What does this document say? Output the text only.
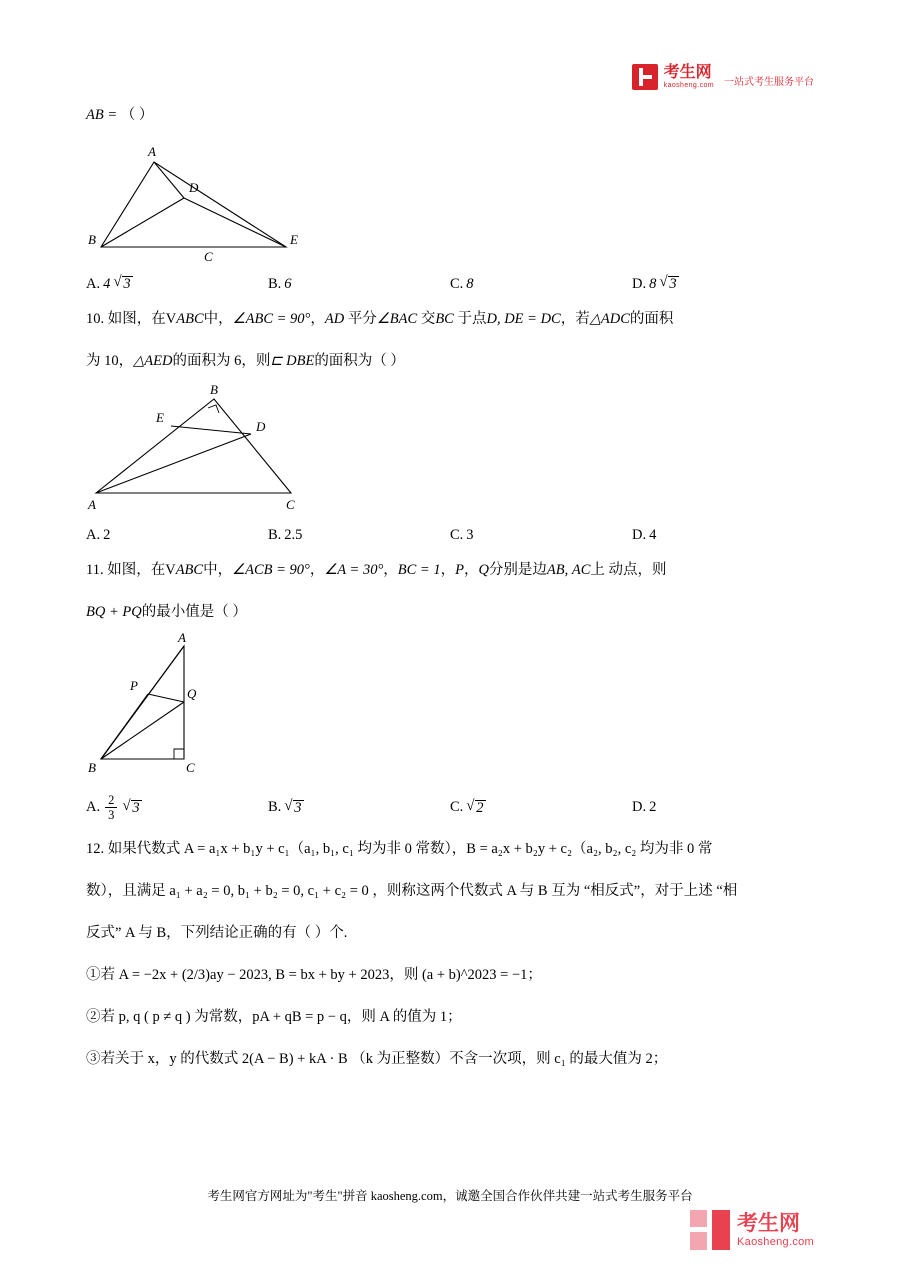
考生网
kaosheng.com 一站式考生服务平台

AB = （ ）

A
D
B
C
E
A. 4 √ 3	B. 6	C. 8	D. 8 √ 3

10. 如图，在VABC中，∠ABC = 90°，AD 平分∠BAC 交BC 于点D, DE = DC，若△ADC的面积

为 10，△AED的面积为 6，则⊏ DBE的面积为（ ）

B
E
D
A	C
A. 2	B. 2.5	C. 3	D. 4

11. 如图，在VABC中，∠ACB = 90°，∠A = 30°，BC = 1，P，Q分别是边AB, AC上 动点，则

BQ + PQ的最小值是（ ）

A
P
Q
B	C
A. $\frac{2}{3}$	√ 3	B. √ 3	C. √ 2	D. 2

12. 如果代数式 A = a₁x + b₁y + c₁（a₁, b₁, c₁ 均为非 0 常数），B = a₂x + b₂y + c₂（a₂, b₂, c₂ 均为非 0 常

数），且满足 a₁ + a₂ = 0, b₁ + b₂ = 0, c₁ + c₂ = 0 ，则称这两个代数式 A 与 B 互为 “相反式”，对于上述 “相

反式” A 与 B，下列结论正确的有（ ）个.

①若 A = −2x + (2/3)ay − 2023, B = bx + by + 2023，则 (a + b)^2023 = −1；

②若 p, q ( p ≠ q ) 为常数，pA + qB = p − q，则 A 的值为 1；

③若关于 x，y 的代数式 2(A − B) + kA · B （k 为正整数）不含一次项，则 c₁ 的最大值为 2；

考生网官方网址为"考生"拼音 kaosheng.com，诚邀全国合作伙伴共建一站式考生服务平台
考生网
Kaosheng.com
